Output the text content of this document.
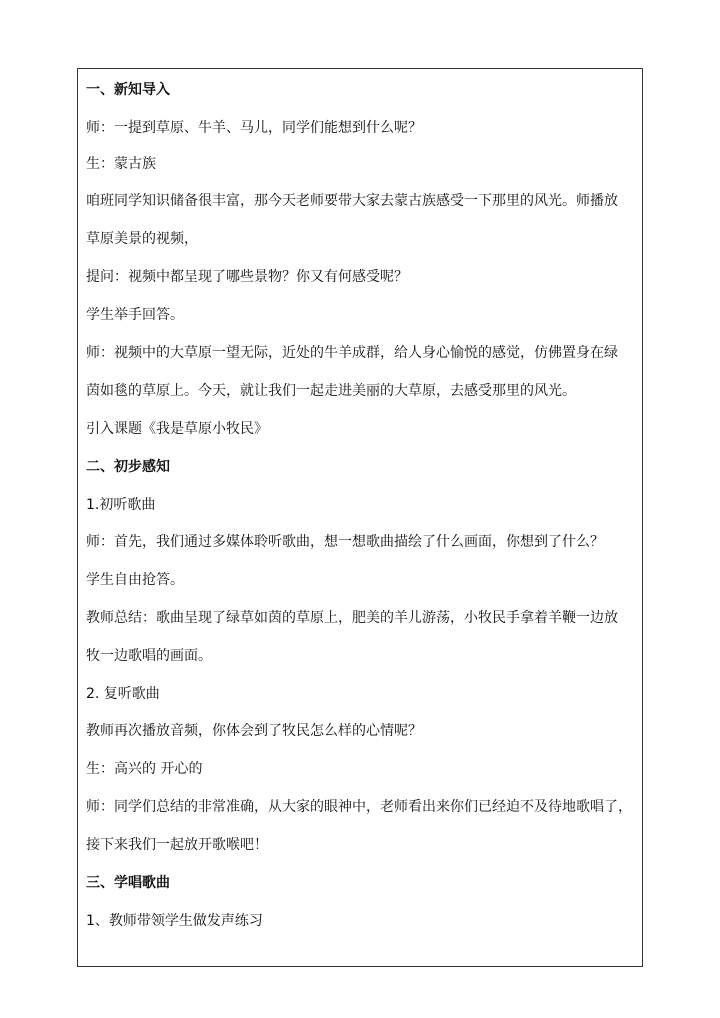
一、新知导入
师：一提到草原、牛羊、马儿，同学们能想到什么呢？
生：蒙古族
咱班同学知识储备很丰富，那今天老师要带大家去蒙古族感受一下那里的风光。师播放
草原美景的视频，
提问：视频中都呈现了哪些景物？你又有何感受呢？
学生举手回答。
师：视频中的大草原一望无际，近处的牛羊成群，给人身心愉悦的感觉，仿佛置身在绿
茵如毯的草原上。今天，就让我们一起走进美丽的大草原，去感受那里的风光。
引入课题《我是草原小牧民》
二、初步感知
1.初听歌曲
师：首先，我们通过多媒体聆听歌曲，想一想歌曲描绘了什么画面，你想到了什么？
学生自由抢答。
教师总结：歌曲呈现了绿草如茵的草原上，肥美的羊儿游荡，小牧民手拿着羊鞭一边放
牧一边歌唱的画面。
2. 复听歌曲
教师再次播放音频，你体会到了牧民怎么样的心情呢？
生：高兴的 开心的
师：同学们总结的非常准确，从大家的眼神中，老师看出来你们已经迫不及待地歌唱了，
接下来我们一起放开歌喉吧！
三、学唱歌曲
1、教师带领学生做发声练习
